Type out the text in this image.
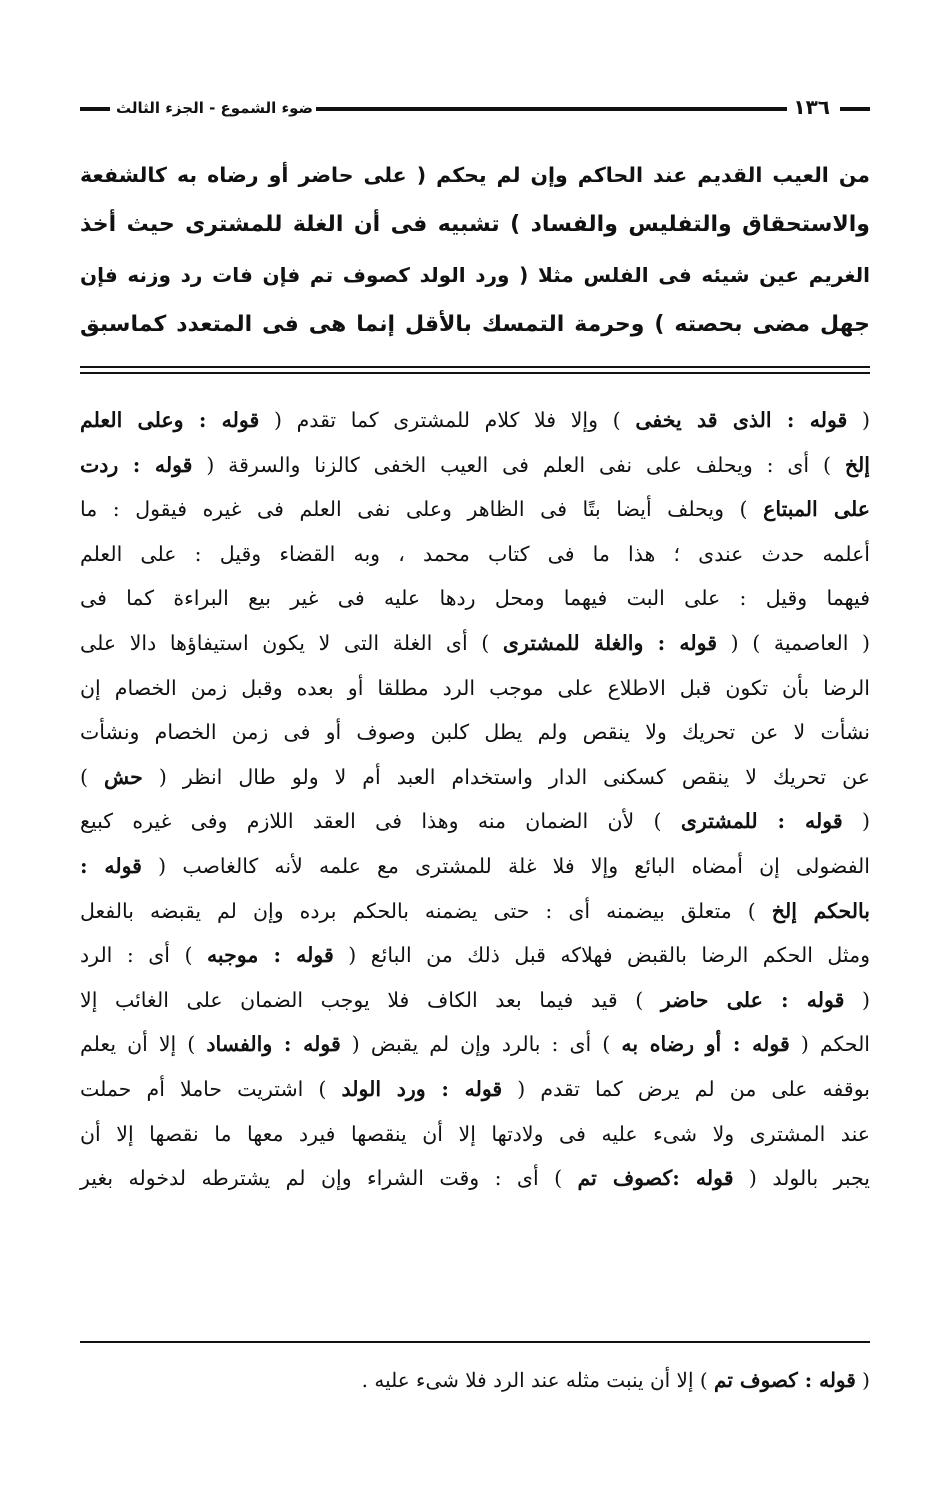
١٣٦
ضوء الشموع - الجزء الثالث
من العيب القديم عند الحاكم وإن لم يحكم ( على حاضر أو رضاه به كالشفعة
والاستحقاق والتفليس والفساد ) تشبيه فى أن الغلة للمشترى حيث أخذ
الغريم عين شيئه فى الفلس مثلا ( ورد الولد كصوف تم فإن فات رد وزنه فإن
جهل مضى بحصته ) وحرمة التمسك بالأقل إنما هى فى المتعدد كماسبق
( قوله : الذى قد يخفى ) وإلا فلا كلام للمشترى كما تقدم ( قوله : وعلى العلم
إلخ ) أى : ويحلف على نفى العلم فى العيب الخفى كالزنا والسرقة ( قوله : ردت
على المبتاع ) ويحلف أيضا بتًا فى الظاهر وعلى نفى العلم فى غيره فيقول : ما
أعلمه حدث عندى ؛ هذا ما فى كتاب محمد ، وبه القضاء وقيل : على العلم
فيهما وقيل : على البت فيهما ومحل ردها عليه فى غير بيع البراءة كما فى
( العاصمية ) ( قوله : والغلة للمشترى ) أى الغلة التى لا يكون استيفاؤها دالا على
الرضا بأن تكون قبل الاطلاع على موجب الرد مطلقا أو بعده وقبل زمن الخصام إن
نشأت لا عن تحريك ولا ينقص ولم يطل كلبن وصوف أو فى زمن الخصام ونشأت
عن تحريك لا ينقص كسكنى الدار واستخدام العبد أم لا ولو طال انظر ( حش )
( قوله : للمشترى ) لأن الضمان منه وهذا فى العقد اللازم وفى غيره كبيع
الفضولى إن أمضاه البائع وإلا فلا غلة للمشترى مع علمه لأنه كالغاصب ( قوله :
بالحكم إلخ ) متعلق بيضمنه أى : حتى يضمنه بالحكم برده وإن لم يقبضه بالفعل
ومثل الحكم الرضا بالقبض فهلاكه قبل ذلك من البائع ( قوله : موجبه ) أى : الرد
( قوله : على حاضر ) قيد فيما بعد الكاف فلا يوجب الضمان على الغائب إلا
الحكم ( قوله : أو رضاه به ) أى : بالرد وإن لم يقبض ( قوله : والفساد ) إلا أن يعلم
بوقفه على من لم يرض كما تقدم ( قوله : ورد الولد ) اشتريت حاملا أم حملت
عند المشترى ولا شىء عليه فى ولادتها إلا أن ينقصها فيرد معها ما نقصها إلا أن
يجبر بالولد ( قوله :كصوف تم ) أى : وقت الشراء وإن لم يشترطه لدخوله بغير
( قوله : كصوف تم ) إلا أن ينبت مثله عند الرد فلا شىء عليه .
